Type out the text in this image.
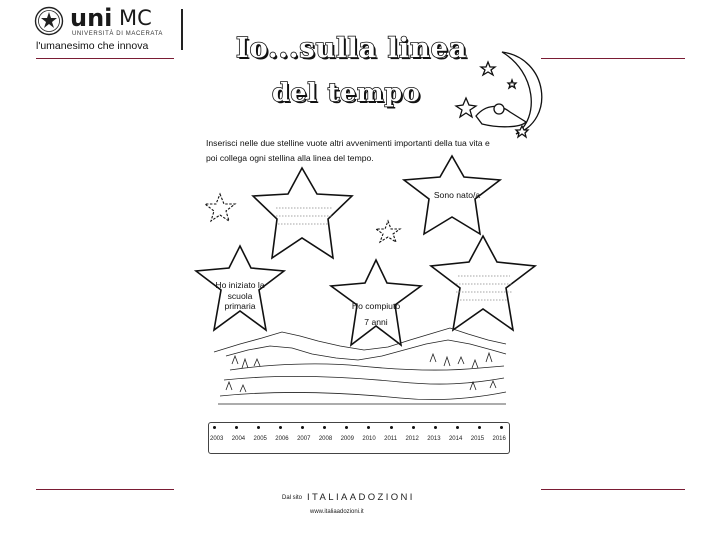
uni MC
UNIVERSITÀ DI MACERATA
l'umanesimo che innova	Io...sulla linea
del tempo
Inserisci nelle due stelline vuote altri avvenimenti importanti della tua vita e
poi collega ogni stellina alla linea del tempo.
Sono nato/a
Ho iniziato la
scuola
primaria	Ho compiuto
7 anni
2003 2004 2005 2006 2007 2008 2009 2010 2011 2012 2013 2014 2015 2016
Dal sito ITALIAADOZIONI
www.italiaadozioni.it
